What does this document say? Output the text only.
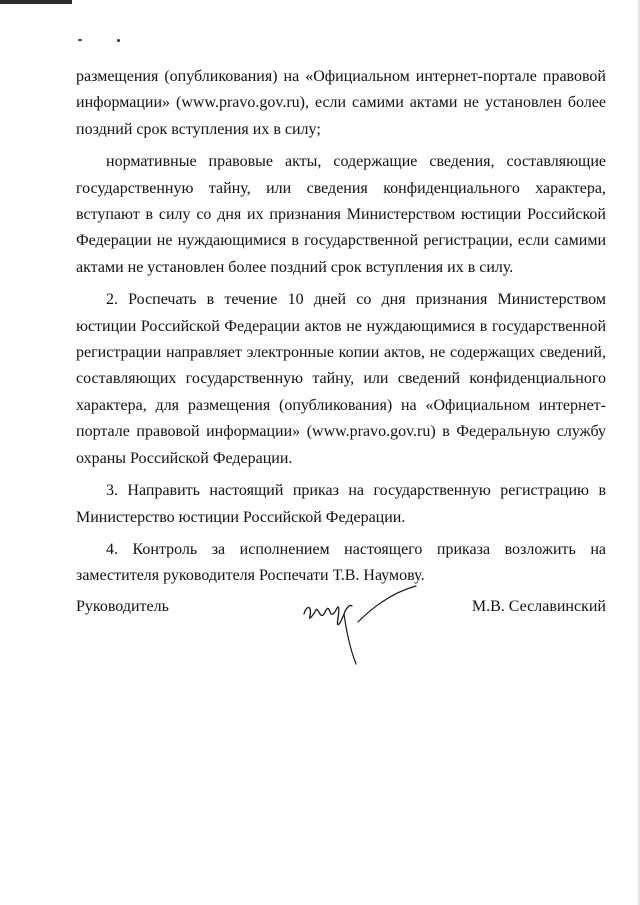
размещения (опубликования) на «Официальном интернет-портале правовой информации» (www.pravo.gov.ru), если самими актами не установлен более поздний срок вступления их в силу;

нормативные правовые акты, содержащие сведения, составляющие государственную тайну, или сведения конфиденциального характера, вступают в силу со дня их признания Министерством юстиции Российской Федерации не нуждающимися в государственной регистрации, если самими актами не установлен более поздний срок вступления их в силу.

2. Роспечать в течение 10 дней со дня признания Министерством юстиции Российской Федерации актов не нуждающимися в государственной регистрации направляет электронные копии актов, не содержащих сведений, составляющих государственную тайну, или сведений конфиденциального характера, для размещения (опубликования) на «Официальном интернет-портале правовой информации» (www.pravo.gov.ru) в Федеральную службу охраны Российской Федерации.

3. Направить настоящий приказ на государственную регистрацию в Министерство юстиции Российской Федерации.

4. Контроль за исполнением настоящего приказа возложить на заместителя руководителя Роспечати Т.В. Наумову.

Руководитель	М.В. Сеславинский
